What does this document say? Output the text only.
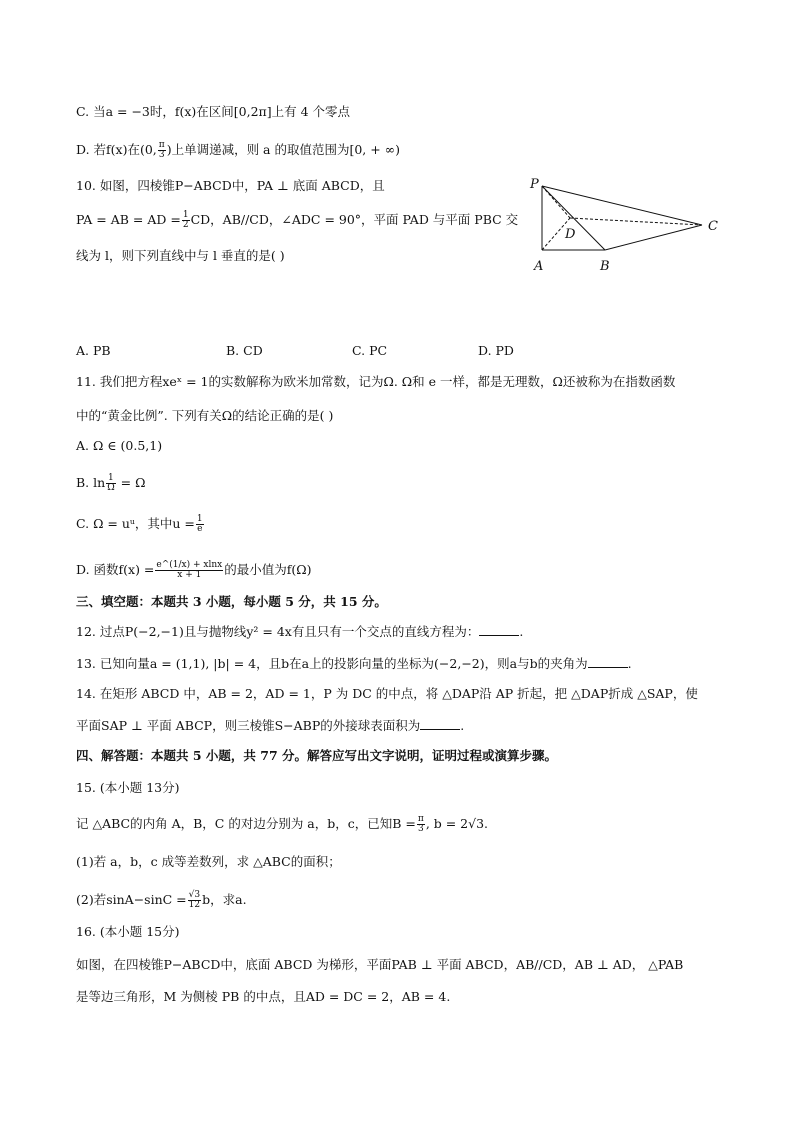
C. 当a = −3时，f(x)在区间[0,2π]上有 4 个零点
D. 若f(x)在(0, $\frac{\pi}{3}$ )上单调递减，则 a 的取值范围为[0, + ∞)
10. 如图，四棱锥P−ABCD中，PA ⊥ 底面 ABCD，且
PA = AB = AD = $\frac{1}{2}$ CD，AB//CD，∠ADC = 90°，平面 PAD 与平面 PBC 交
线为 l，则下列直线中与 l 垂直的是( )
P
A	B
C
D
A. PB	B. CD	C. PC	D. PD
11. 我们把方程xeˣ = 1的实数解称为欧米加常数，记为Ω. Ω和 e 一样，都是无理数，Ω还被称为在指数函数
中的“黄金比例”. 下列有关Ω的结论正确的是( )
A. Ω ∈ (0.5,1)
B. $\ln \frac{1}{\Omega} = \Omega$
C. Ω = uᵘ，其中$u = \frac{1}{e}$
D. 函数$f(x) = \frac{e\^{}(1/x) + xlnx}{x + 1}$ 的最小值为f(Ω)
三、填空题：本题共 3 小题，每小题 5 分，共 15 分。
12. 过点P(−2,−1)且与抛物线y² = 4x有且只有一个交点的直线方程为：	.
13. 已知向量a = (1,1), |b| = 4，且b在a上的投影向量的坐标为(−2,−2)，则a与b的夹角为	.
14. 在矩形 ABCD 中，AB = 2，AD = 1，P 为 DC 的中点，将 △DAP沿 AP 折起，把 △DAP折成 △SAP，使
平面SAP ⊥ 平面 ABCP，则三棱锥S−ABP的外接球表面积为	.
四、解答题：本题共 5 小题，共 77 分。解答应写出文字说明，证明过程或演算步骤。
15. (本小题 13分)
记 △ABC的内角 A，B，C 的对边分别为 a，b，c，已知$B = \frac{\pi}{3}$ , b = 2√3.
(1)若 a，b，c 成等差数列，求 △ABC的面积；
(2)若$\sin A-\sin C = \frac{√3}{12}$ b，求a.
16. (本小题 15分)
如图，在四棱锥P−ABCD中，底面 ABCD 为梯形，平面PAB ⊥ 平面 ABCD，AB//CD，AB ⊥ AD， △PAB
是等边三角形，M 为侧棱 PB 的中点，且AD = DC = 2，AB = 4.
